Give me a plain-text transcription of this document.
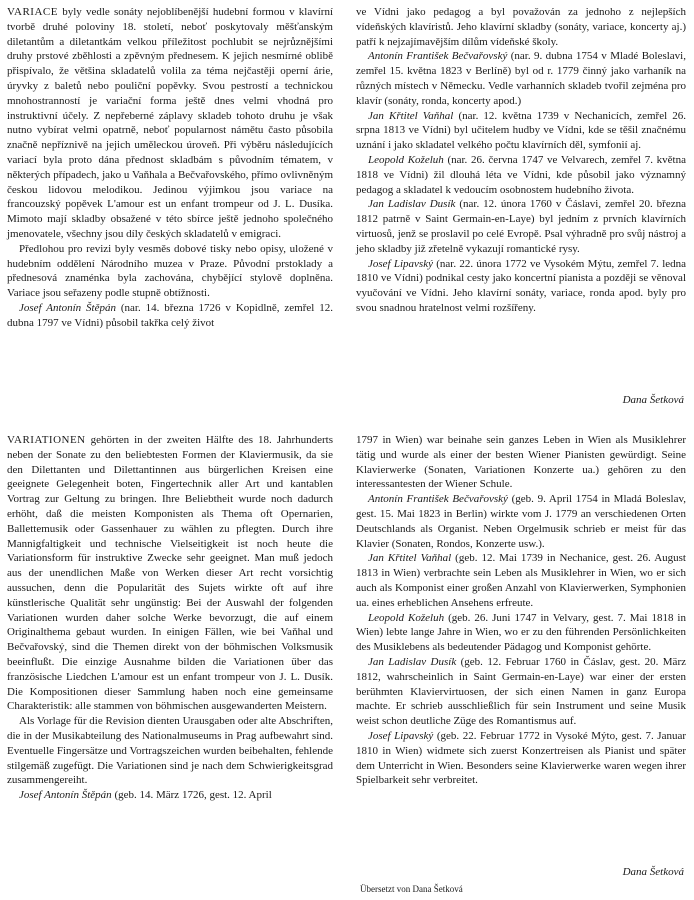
VARIACE byly vedle sonáty nejoblíbenější hudební formou v klavírní tvorbě druhé poloviny 18. století, neboť poskytovaly měšťanským diletantům a diletantkám velkou příležitost pochlubit se nejrůznějšími druhy prstové zběhlosti a zpěvným přednesem. K jejich nesmírné oblibě přispívalo, že většina skladatelů volila za téma nejčastěji operní árie, úryvky z baletů nebo pouliční popěvky. Svou pestrostí a technickou mnohostranností je variační forma ještě dnes velmi vhodná pro instruktivní účely. Z nepřeberné záplavy skladeb tohoto druhu je však nutno vybírat velmi opatrně, neboť popularnost námětu často působila značně nepříznivě na jejich uměleckou úroveň. Při výběru následujících variací byla proto dána přednost skladbám s původním tématem, v některých případech, jako u Vaňhala a Bečvařovského, přímo ovlivněným českou lidovou melodikou. Jedinou výjimkou jsou variace na francouzský popěvek L'amour est un enfant trompeur od J. L. Dusíka. Mimoto mají skladby obsažené v této sbírce ještě jednoho společného jmenovatele, všechny jsou díly českých skladatelů v emigraci.

Předlohou pro revizi byly vesměs dobové tisky nebo opisy, uložené v hudebním oddělení Národního muzea v Praze. Původní prstoklady a přednesová znaménka byla zachována, chybějící stylově doplněna. Variace jsou seřazeny podle stupně obtížnosti.

Josef Antonín Štěpán (nar. 14. března 1726 v Kopidlně, zemřel 12. dubna 1797 ve Vídni) působil takřka celý život

ve Vídni jako pedagog a byl považován za jednoho z nejlepších vídeňských klavíristů. Jeho klavírní skladby (sonáty, variace, koncerty aj.) patří k nejzajímavějším dílům vídeňské školy.

Antonín František Bečvařovský (nar. 9. dubna 1754 v Mladé Boleslavi, zemřel 15. května 1823 v Berlíně) byl od r. 1779 činný jako varhaník na různých místech v Německu. Vedle varhanních skladeb tvořil zejména pro klavír (sonáty, ronda, koncerty apod.)

Jan Křtitel Vaňhal (nar. 12. května 1739 v Nechanicích, zemřel 26. srpna 1813 ve Vídni) byl učitelem hudby ve Vídni, kde se těšil značnému uznání i jako skladatel velkého počtu klavírních děl, symfonií aj.

Leopold Koželuh (nar. 26. června 1747 ve Velvarech, zemřel 7. května 1818 ve Vídni) žil dlouhá léta ve Vídni, kde působil jako významný pedagog a skladatel k vedoucím osobnostem hudebního života.

Jan Ladislav Dusík (nar. 12. února 1760 v Čáslavi, zemřel 20. března 1812 patrně v Saint Germain-en-Laye) byl jedním z prvních klavírních virtuosů, jenž se proslavil po celé Evropě. Psal výhradně pro svůj nástroj a jeho skladby již zřetelně vykazují romantické rysy.

Josef Lipavský (nar. 22. února 1772 ve Vysokém Mýtu, zemřel 7. ledna 1810 ve Vídni) podnikal cesty jako koncertní pianista a později se věnoval vyučování ve Vídni. Jeho klavírní sonáty, variace, ronda apod. byly pro svou snadnou hratelnost velmi rozšířeny.

Dana Šetková

VARIATIONEN gehörten in der zweiten Hälfte des 18. Jahrhunderts neben der Sonate zu den beliebtesten Formen der Klaviermusik, da sie den Dilettanten und Dilettantinnen aus bürgerlichen Kreisen eine geeignete Gelegenheit boten, Fingertechnik aller Art und kantablen Vortrag zur Geltung zu bringen. Ihre Beliebtheit wurde noch dadurch erhöht, daß die meisten Komponisten als Thema oft Opernarien, Ballettemusik oder Gassenhauer zu wählen zu pflegten. Durch ihre Mannigfaltigkeit und technische Vielseitigkeit ist noch heute die Variationsform für instruktive Zwecke sehr geeignet. Man muß jedoch aus der unendlichen Maße von Werken dieser Art recht vorsichtig aussuchen, denn die Popularität des Sujets wirkte oft auf ihre künstlerische Qualität sehr ungünstig: Bei der Auswahl der folgenden Variationen wurden daher solche Werke bevorzugt, die auf einem Originalthema gebaut wurden. In einigen Fällen, wie bei Vaňhal und Bečvařovský, sind die Themen direkt von der böhmischen Volksmusik beeinflußt. Die einzige Ausnahme bilden die Variationen über das französische Liedchen L'amour est un enfant trompeur von J. L. Dusík. Die Kompositionen dieser Sammlung haben noch eine gemeinsame Charakteristik: alle stammen von böhmischen ausgewanderten Meistern.

Als Vorlage für die Revision dienten Urausgaben oder alte Abschriften, die in der Musikabteilung des Nationalmuseums in Prag aufbewahrt sind. Eventuelle Fingersätze und Vortragszeichen wurden beibehalten, fehlende stilgemäß zugefügt. Die Variationen sind je nach dem Schwierigkeitsgrad zusammengereiht.

Josef Antonín Štěpán (geb. 14. März 1726, gest. 12. April

1797 in Wien) war beinahe sein ganzes Leben in Wien als Musiklehrer tätig und wurde als einer der besten Wiener Pianisten gewürdigt. Seine Klavierwerke (Sonaten, Variationen Konzerte ua.) gehören zu den interessantesten der Wiener Schule.

Antonín František Bečvařovský (geb. 9. April 1754 in Mladá Boleslav, gest. 15. Mai 1823 in Berlin) wirkte vom J. 1779 an verschiedenen Orten Deutschlands als Organist. Neben Orgelmusik schrieb er meist für das Klavier (Sonaten, Rondos, Konzerte usw.).

Jan Křtitel Vaňhal (geb. 12. Mai 1739 in Nechanice, gest. 26. August 1813 in Wien) verbrachte sein Leben als Musiklehrer in Wien, wo er sich auch als Komponist einer großen Anzahl von Klavierwerken, Symphonien ua. eines erheblichen Ansehens erfreute.

Leopold Koželuh (geb. 26. Juni 1747 in Velvary, gest. 7. Mai 1818 in Wien) lebte lange Jahre in Wien, wo er zu den führenden Persönlichkeiten des Musiklebens als bedeutender Pädagog und Komponist gehörte.

Jan Ladislav Dusík (geb. 12. Februar 1760 in Čáslav, gest. 20. März 1812, wahrscheinlich in Saint Germain-en-Laye) war einer der ersten berühmten Klaviervirtuosen, der sich einen Namen in ganz Europa machte. Er schrieb ausschließlich für sein Instrument und seine Musik weist schon deutliche Züge des Romantismus auf.

Josef Lipavský (geb. 22. Februar 1772 in Vysoké Mýto, gest. 7. Januar 1810 in Wien) widmete sich zuerst Konzertreisen als Pianist und später dem Unterricht in Wien. Besonders seine Klavierwerke waren wegen ihrer Spielbarkeit sehr verbreitet.

Dana Šetková
Übersetzt von Dana Šetková
